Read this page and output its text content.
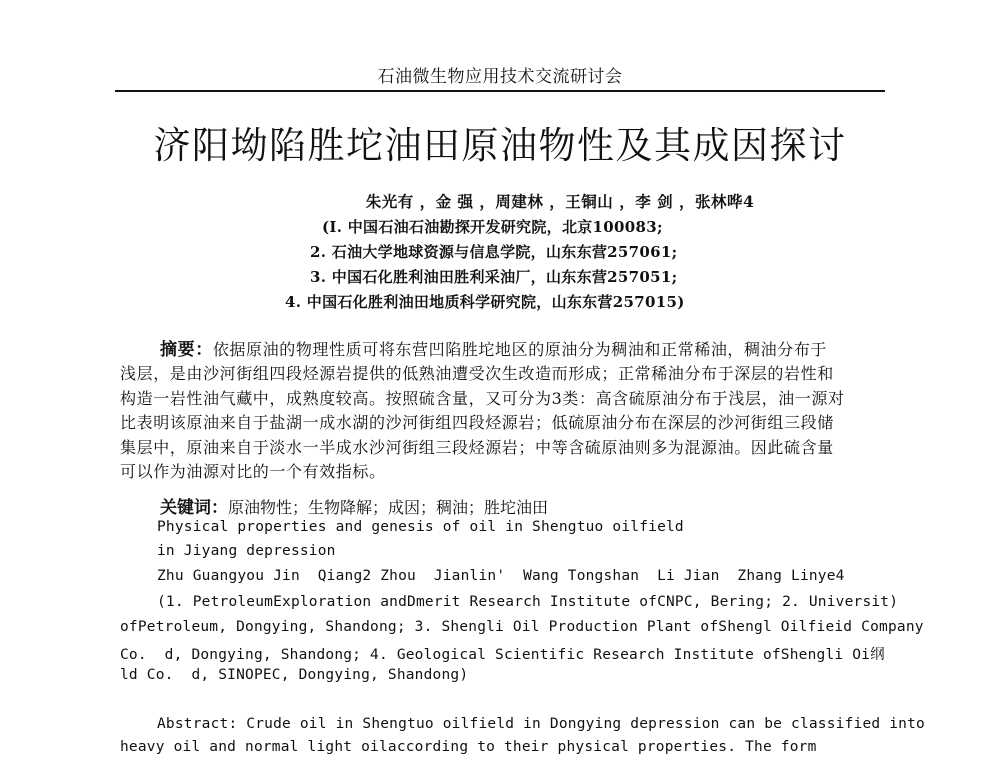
石油微生物应用技术交流研讨会
济阳坳陷胜坨油田原油物性及其成因探讨
朱光有 ，金 强 ，周建林 ，王铜山 ，李 剑 ，张林哗4
(I. 中国石油石油勘探开发研究院，北京100083;
2. 石油大学地球资源与信息学院，山东东营257061;
3. 中国石化胜利油田胜利采油厂，山东东营257051;
4. 中国石化胜利油田地质科学研究院，山东东营257015)
摘要：依据原油的物理性质可将东营凹陷胜坨地区的原油分为稠油和正常稀油，稠油分布于
浅层，是由沙河街组四段烃源岩提供的低熟油遭受次生改造而形成；正常稀油分布于深层的岩性和
构造一岩性油气藏中，成熟度较高。按照硫含量，又可分为3类：高含硫原油分布于浅层，油一源对
比表明该原油来自于盐湖一成水湖的沙河街组四段烃源岩；低硫原油分布在深层的沙河街组三段储
集层中，原油来自于淡水一半成水沙河街组三段烃源岩；中等含硫原油则多为混源油。因此硫含量
可以作为油源对比的一个有效指标。
关键词：原油物性；生物降解；成因；稠油；胜坨油田
Physical properties and genesis of oil in Shengtuo oilfield
in Jiyang depression
Zhu Guangyou Jin  Qiang2 Zhou  Jianlin'  Wang Tongshan  Li Jian  Zhang Linye4
(1. PetroleumExploration andDmerit Research Institute ofCNPC, Bering; 2. Universit)
ofPetroleum, Dongying, Shandong; 3. Shengli Oil Production Plant ofShengl Oilfieid Company
Co.  d, Dongying, Shandong; 4. Geological Scientific Research Institute ofShengli Oi纲
ld Co.  d, SINOPEC, Dongying, Shandong)
Abstract: Crude oil in Shengtuo oilfield in Dongying depression can be classified into
heavy oil and normal light oilaccording to their physical properties. The form
